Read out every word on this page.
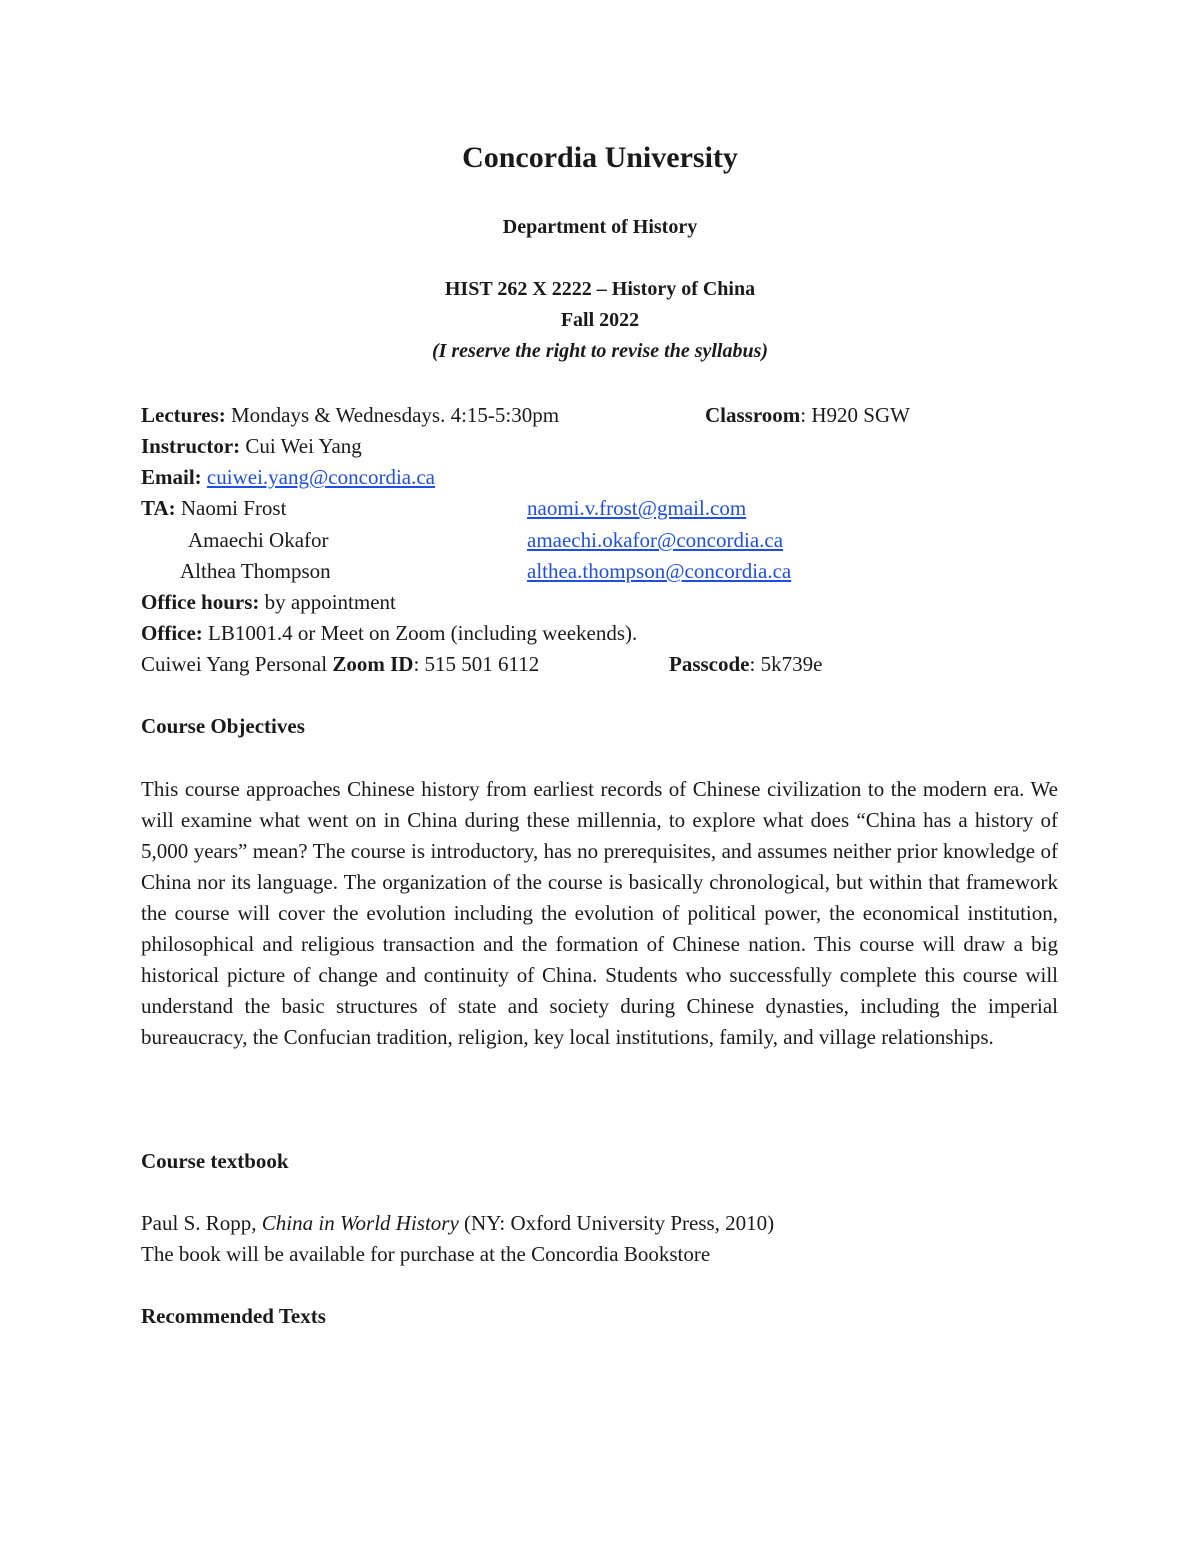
Concordia University
Department of History
HIST 262 X 2222 – History of China
Fall 2022
(I reserve the right to revise the syllabus)
Lectures: Mondays & Wednesdays. 4:15-5:30pm	Classroom: H920 SGW
Instructor: Cui Wei Yang
Email: cuiwei.yang@concordia.ca
TA: Naomi Frost	naomi.v.frost@gmail.com
Amaechi Okafor	amaechi.okafor@concordia.ca
Althea Thompson	althea.thompson@concordia.ca
Office hours: by appointment
Office: LB1001.4 or Meet on Zoom (including weekends).
Cuiwei Yang Personal Zoom ID: 515 501 6112	Passcode: 5k739e
Course Objectives
This course approaches Chinese history from earliest records of Chinese civilization to the modern era. We will examine what went on in China during these millennia, to explore what does “China has a history of 5,000 years” mean? The course is introductory, has no prerequisites, and assumes neither prior knowledge of China nor its language. The organization of the course is basically chronological, but within that framework the course will cover the evolution including the evolution of political power, the economical institution, philosophical and religious transaction and the formation of Chinese nation. This course will draw a big historical picture of change and continuity of China. Students who successfully complete this course will understand the basic structures of state and society during Chinese dynasties, including the imperial bureaucracy, the Confucian tradition, religion, key local institutions, family, and village relationships.
Course textbook
Paul S. Ropp, China in World History (NY: Oxford University Press, 2010)
The book will be available for purchase at the Concordia Bookstore
Recommended Texts
